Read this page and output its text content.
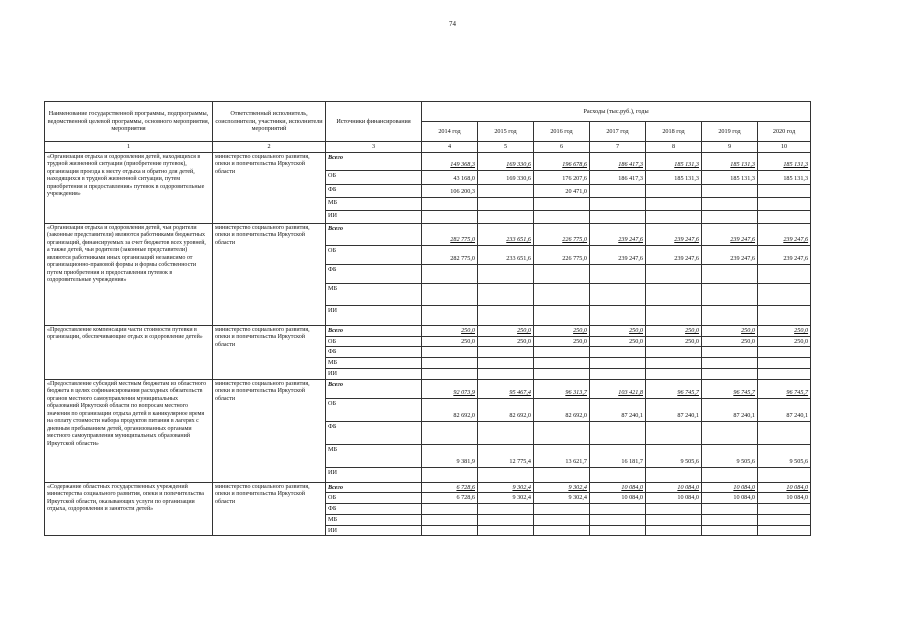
74
Наименование государственной программы, подпрограммы, ведомственной целевой программы, основного мероприятия, мероприятия	Ответственный исполнитель, соисполнители, участники, исполнители мероприятий	Источники финансирования	Расходы (тыс.руб.), годы						
			2014 год	2015 год	2016 год	2017 год	2018 год	2019 год	2020 год
1	2	3	4	5	6	7	8	9	10
«Организация отдыха и оздоровления детей, находящихся в трудной жизненной ситуации (приобретение путевок), организация проезда к месту отдыха и обратно для детей, находящихся в трудной жизненной ситуации, путем приобретения и предоставления» путевок в оздоровительные учреждения»	министерство социального развития, опеки и попечительства Иркутской области	Всего	149 368,3	169 330,6	196 678,6	186 417,3	185 131,3	185 131,3	185 131,3
		ОБ	43 168,0	169 330,6	176 207,6	186 417,3	185 131,3	185 131,3	185 131,3
		ФБ	106 200,3		20 471,0				
		МБ							
		ИИ							
«Организация отдыха и оздоровления детей, чьи родители (законные представители) являются работниками бюджетных организаций, финансируемых за счет бюджетов всех уровней, а также детей, чьи родители (законные представители) являются работниками иных организаций независимо от организационно-правовой формы и формы собственности путем приобретения и предоставления путевок в оздоровительные учреждения»	министерство социального развития, опеки и попечительства Иркутской области	Всего	282 775,0	233 651,6	226 775,0	239 247,6	239 247,6	239 247,6	239 247,6
		ОБ	282 775,0	233 651,6	226 775,0	239 247,6	239 247,6	239 247,6	239 247,6
		ФБ							
		МБ							
		ИИ							
«Предоставление компенсации части стоимости путевки в организации, обеспечивающие отдых и оздоровление детей»	министерство социального развития, опеки и попечительства Иркутской области	Всего	250,0	250,0	250,0	250,0	250,0	250,0	250,0
		ОБ	250,0	250,0	250,0	250,0	250,0	250,0	250,0
		ФБ							
		МБ							
		ИИ							
«Предоставление субсидий местным бюджетам из областного бюджета в целях софинансирования расходных обязательств органов местного самоуправления муниципальных образований Иркутской области по вопросам местного значения по организации отдыха детей в каникулярное время на оплату стоимости набора продуктов питания в лагерях с дневным пребыванием детей, организованных органами местного самоуправления муниципальных образований Иркутской области»	министерство социального развития, опеки и попечительства Иркутской области	Всего	92 073,9	95 467,4	96 313,7	103 421,8	96 745,7	96 745,7	96 745,7
		ОБ	82 692,0	82 692,0	82 692,0	87 240,1	87 240,1	87 240,1	87 240,1
		ФБ							
		МБ	9 381,9	12 775,4	13 621,7	16 181,7	9 505,6	9 505,6	9 505,6
		ИИ							
«Содержание областных государственных учреждений министерства социального развития, опеки и попечительства Иркутской области, оказывающих услуги по организации отдыха, оздоровления и занятости детей»	министерство социального развития, опеки и попечительства Иркутской области	Всего	6 728,6	9 302,4	9 302,4	10 084,0	10 084,0	10 084,0	10 084,0
		ОБ	6 728,6	9 302,4	9 302,4	10 084,0	10 084,0	10 084,0	10 084,0
		ФБ							
		МБ							
		ИИ							
